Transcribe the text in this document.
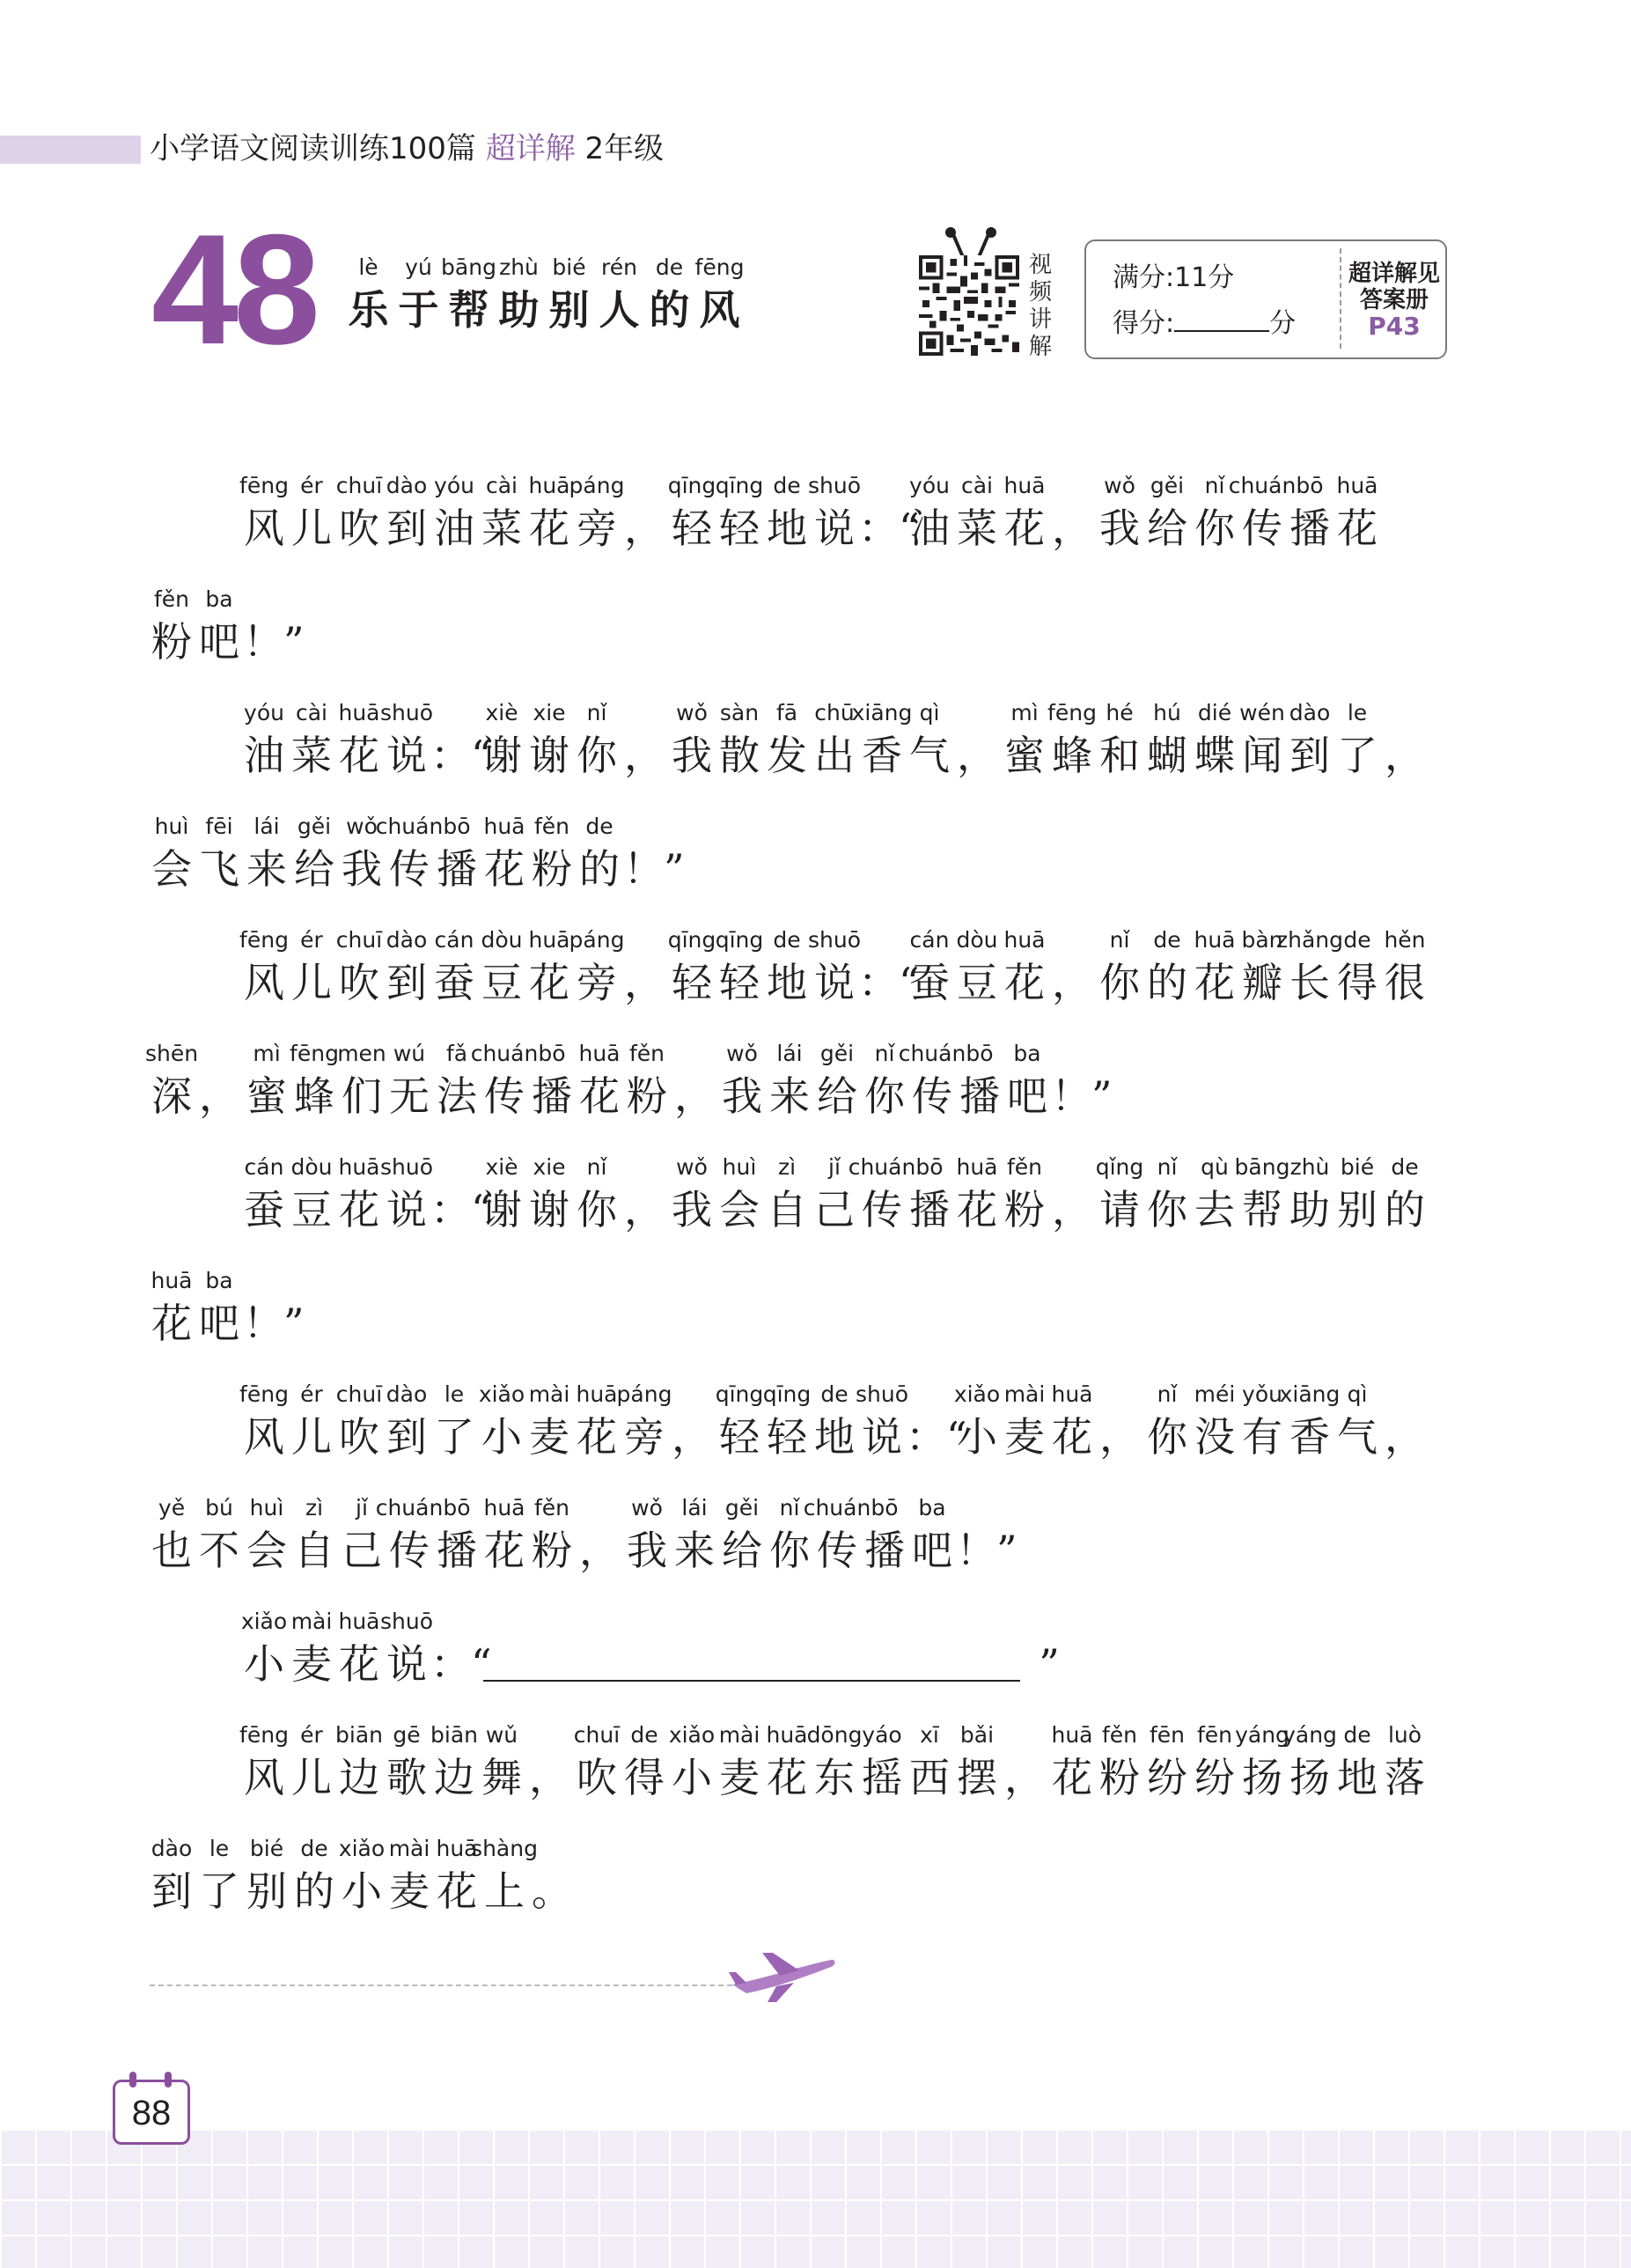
小学语文阅读训练100篇 超详解 2年级
48 lè
乐
yú
于
bāng
帮
zhù
助
bié
别
rén
人
de
的
fēng
风
视
频
讲
解
满分:11分
得分:	分
超详解见
答案册
P43
fēng
风
ér
儿
chuī
吹
dào
到
yóu
油
cài
菜
huā
花
páng
旁 ，
qīng
轻
qīng
轻
de
地
shuō
说 ：“
yóu
油
cài
菜
huā
花 ，
wǒ
我
gěi
给
nǐ
你
chuán
传
bō
播
huā
花
fěn
粉
ba
吧 ！”
yóu
油
cài
菜
huā
花
shuō
说 ：“
xiè
谢
xie
谢
nǐ
你 ，
wǒ
我
sàn
散
fā
发
chū
出
xiāng
香
qì
气 ，
mì
蜜
fēng
蜂
hé
和
hú
蝴
dié
蝶
wén
闻
dào
到
le
了 ，
huì
会
fēi
飞
lái
来
gěi
给
wǒ
我
chuán
传
bō
播
huā
花
fěn
粉
de
的 ！”
fēng
风
ér
儿
chuī
吹
dào
到
cán
蚕
dòu
豆
huā
花
páng
旁 ，
qīng
轻
qīng
轻
de
地
shuō
说 ：“
cán
蚕
dòu
豆
huā
花 ，
nǐ
你
de
的
huā
花
bàn
瓣
zhǎng
长
de
得
hěn
很
shēn
深 ，
mì
蜜
fēng
蜂
men
们
wú
无
fǎ
法
chuán
传
bō
播
huā
花
fěn
粉 ，
wǒ
我
lái
来
gěi
给
nǐ
你
chuán
传
bō
播
ba
吧 ！”
cán
蚕
dòu
豆
huā
花
shuō
说 ：“
xiè
谢
xie
谢
nǐ
你 ，
wǒ
我
huì
会
zì
自
jǐ
己
chuán
传
bō
播
huā
花
fěn
粉 ，
qǐng
请
nǐ
你
qù
去
bāng
帮
zhù
助
bié
别
de
的
huā
花
ba
吧 ！”
fēng
风
ér
儿
chuī
吹
dào
到
le
了
xiǎo
小
mài
麦
huā
花
páng
旁 ，
qīng
轻
qīng
轻
de
地
shuō
说 ：“
xiǎo
小
mài
麦
huā
花 ，
nǐ
你
méi
没
yǒu
有
xiāng
香
qì
气 ，
yě
也
bú
不
huì
会
zì
自
jǐ
己
chuán
传
bō
播
huā
花
fěn
粉 ，
wǒ
我
lái
来
gěi
给
nǐ
你
chuán
传
bō
播
ba
吧 ！”
xiǎo
小
mài
麦
huā
花
shuō
说 ：“	”
fēng
风
ér
儿
biān
边
gē
歌
biān
边
wǔ
舞 ，
chuī
吹
de
得
xiǎo
小
mài
麦
huā
花
dōng
东
yáo
摇
xī
西
bǎi
摆 ，
huā
花
fěn
粉
fēn
纷
fēn
纷
yáng
扬
yáng
扬
de
地
luò
落
dào
到
le
了
bié
别
de
的
xiǎo
小
mài
麦
huā
花
shàng
上 。
88
